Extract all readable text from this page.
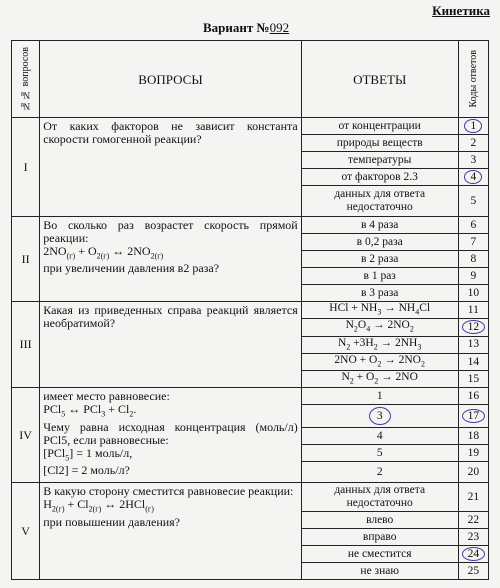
Кинетика
Вариант №092
№№ вопросов	ВОПРОСЫ	ОТВЕТЫ	Коды ответов

I	От каких факторов не зависит константа скорости гомогенной реакции?	от концентрации	1
		природы веществ	2
		температуры	3
		от факторов 2.3	4
		данных для ответа недостаточно	5

II	Во сколько раз возрастет скорость прямой реакции:
$2NO_{(г)} + O_{2(г)}$ ↔ $2NO_{2(г)}$
при увеличении давления в2 раза?	в 4 раза	6
		в 0,2 раза	7
		в 2 раза	8
		в 1 раз	9
		в 3 раза	10
III	Какая из приведенных справа реакций является необратимой?	HCl + $NH_3 \to NH_4Cl$	11
		$N_2O_4 \to 2NO_2$	12
		$N_2 +3H_2 \to 2NH_3$	13
		$2NO + O_2 \to 2NO_2$	14
		$N_2 + O_2 \to 2NO$	15
IV	имеет место равновесие:
PCl$_5$ ↔ $PCl_3 + Cl_2$.
Чему равна исходная концентрация (моль/л) PCl5, если равновесные:
[PCl$_5$] = 1 моль/л,
[Cl2] = 2 моль/л?	1	16
		3	17
		4	18
		5	19
		2	20
V	В какую сторону сместится равновесие реакции:
$H_{2(г)} + Cl_{2(г)}$ ↔ 2HCl$_{(г)}$
при повышении давления?	данных для ответа недостаточно	21
		влево	22
		вправо	23
		не сместится	24
		не знаю	25
